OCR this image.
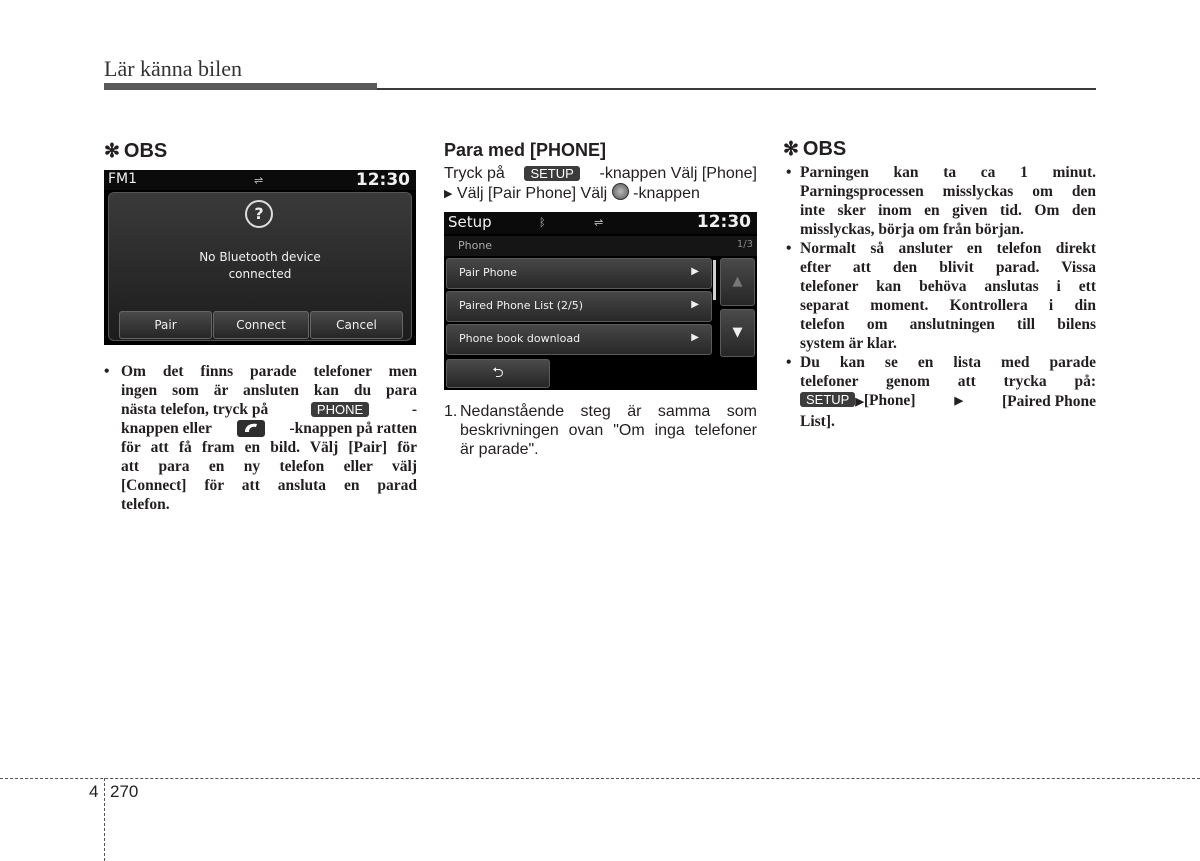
Lär känna bilen
✻ OBS
FM1	⇌	12:30
?
No Bluetooth device
connected
Pair	Connect	Cancel
• Om det finns parade telefoner men
ingen som är ansluten kan du para
nästa telefon, tryck på	PHONE	-
knappen eller	-knappen på ratten
för att få fram en bild. Välj [Pair] för
att para en ny telefon eller välj
[Connect] för att ansluta en parad
telefon.
Para med [PHONE]
Tryck på	SETUP	-knappen Välj [Phone]
▶ Välj [Pair Phone] Välj -knappen
Setup	ᛒ	⇌	12:30
Phone	1/3
Pair Phone	▶
Paired Phone List (2/5)	▶
Phone book download	▶
▲
▼
⮌
1. Nedanstående steg är samma som
beskrivningen ovan "Om inga telefoner
är parade".
✻ OBS
• Parningen kan ta ca 1 minut.
Parningsprocessen misslyckas om den
inte sker inom en given tid. Om den
misslyckas, börja om från början.
• Normalt så ansluter en telefon direkt
efter att den blivit parad. Vissa
telefoner kan behöva anslutas i ett
separat moment. Kontrollera i din
telefon om anslutningen till bilens
system är klar.
• Du kan se en lista med parade
telefoner genom att trycka på:
SETUP ▶[Phone]	▶	[Paired Phone
List].
4 270
